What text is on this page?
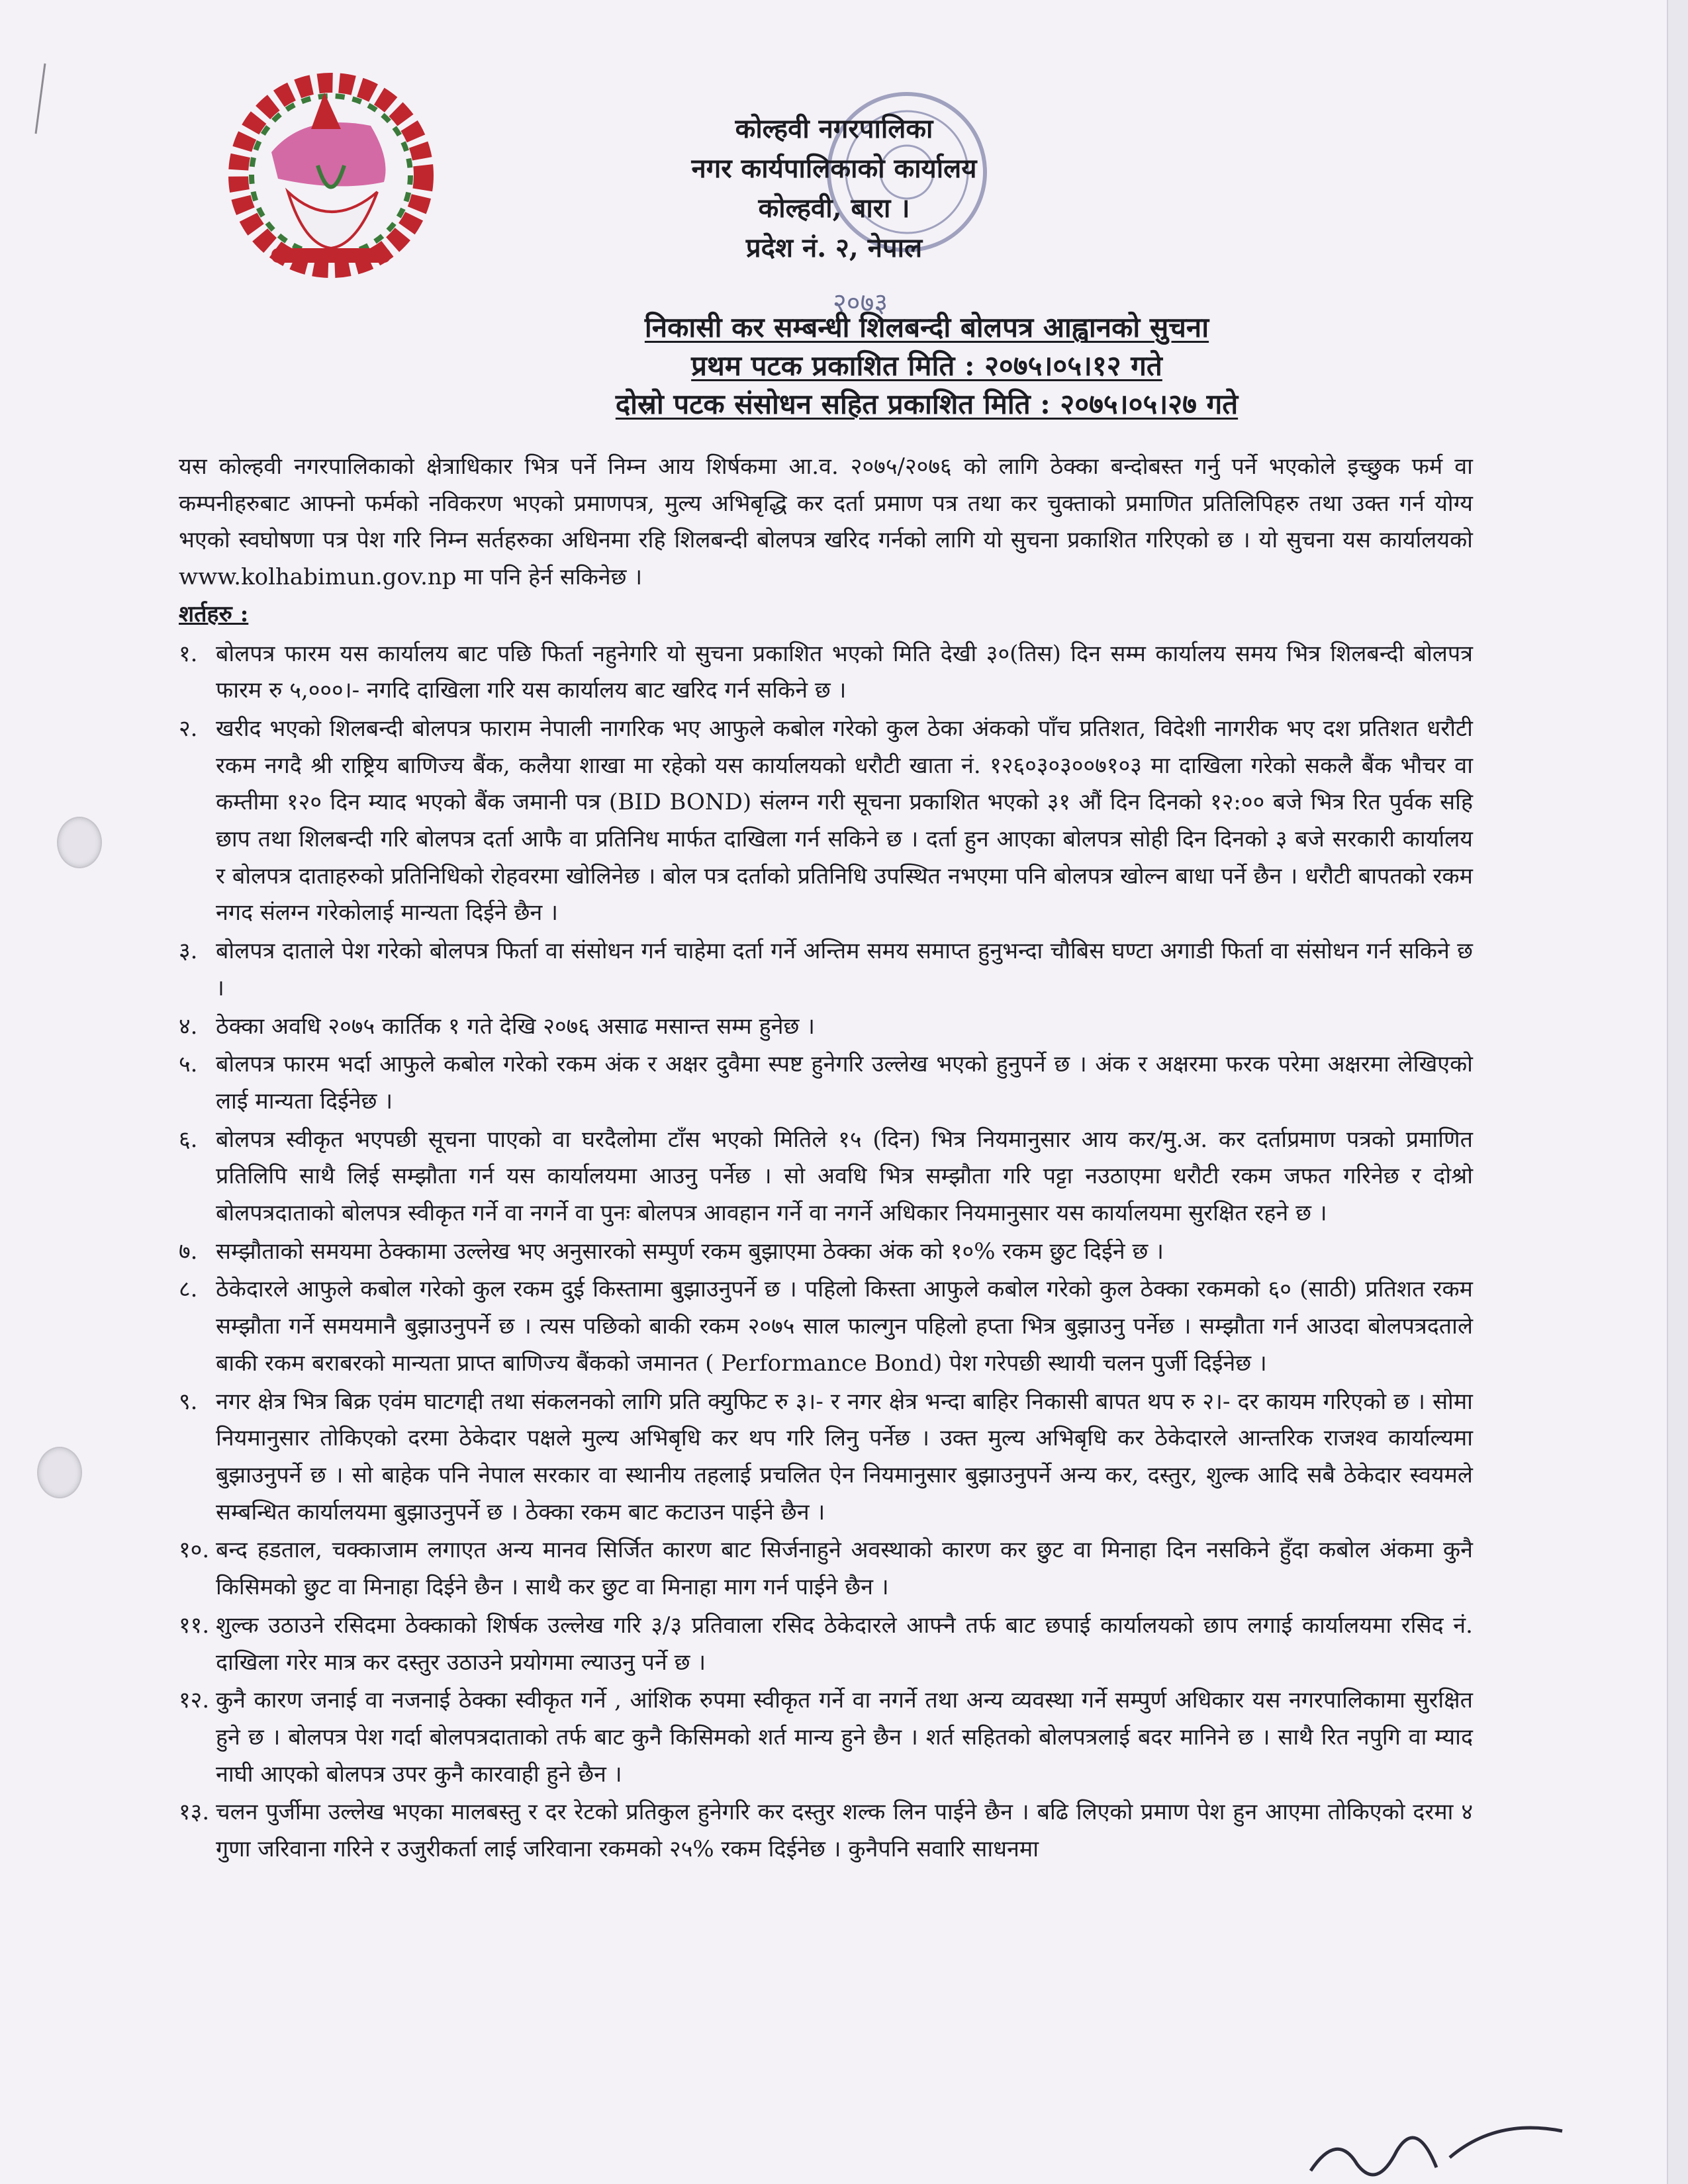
कोल्हवी नगरपालिका
नगर कार्यपालिकाको कार्यालय
कोल्हवी, बारा ।
प्रदेश नं. २, नेपाल
२०७३
निकासी कर सम्बन्धी शिलबन्दी बोलपत्र आह्वानको सुचना
प्रथम पटक प्रकाशित मिति : २०७५।०५।१२ गते
दोस्रो पटक संसोधन सहित प्रकाशित मिति : २०७५।०५।२७ गते

यस कोल्हवी नगरपालिकाको क्षेत्राधिकार भित्र पर्ने निम्न आय शिर्षकमा आ.व. २०७५/२०७६ को लागि ठेक्का बन्दोबस्त गर्नु पर्ने भएकोले इच्छुक फर्म वा कम्पनीहरुबाट आफ्नो फर्मको नविकरण भएको प्रमाणपत्र, मुल्य अभिबृद्धि कर दर्ता प्रमाण पत्र तथा कर चुक्ताको प्रमाणित प्रतिलिपिहरु तथा उक्त गर्न योग्य भएको स्वघोषणा पत्र पेश गरि निम्न सर्तहरुका अधिनमा रहि शिलबन्दी बोलपत्र खरिद गर्नको लागि यो सुचना प्रकाशित गरिएको छ । यो सुचना यस कार्यालयको www.kolhabimun.gov.np मा पनि हेर्न सकिनेछ ।

शर्तहरु :

१. बोलपत्र फारम यस कार्यालय बाट पछि फिर्ता नहुनेगरि यो सुचना प्रकाशित भएको मिति देखी ३०(तिस) दिन सम्म कार्यालय समय भित्र शिलबन्दी बोलपत्र फारम रु ५,०००।- नगदि दाखिला गरि यस कार्यालय बाट खरिद गर्न सकिने छ ।
२. खरीद भएको शिलबन्दी बोलपत्र फाराम नेपाली नागरिक भए आफुले कबोल गरेको कुल ठेका अंकको पाँच प्रतिशत, विदेशी नागरीक भए दश प्रतिशत धरौटी रकम नगदै श्री राष्ट्रिय बाणिज्य बैंक, कलैया शाखा मा रहेको यस कार्यालयको धरौटी खाता नं. १२६०३०३००७१०३ मा दाखिला गरेको सकलै बैंक भौचर वा कम्तीमा १२० दिन म्याद भएको बैंक जमानी पत्र (BID BOND) संलग्न गरी सूचना प्रकाशित भएको ३१ औं दिन दिनको १२:०० बजे भित्र रित पुर्वक सहि छाप तथा शिलबन्दी गरि बोलपत्र दर्ता आफै वा प्रतिनिध मार्फत दाखिला गर्न सकिने छ । दर्ता हुन आएका बोलपत्र सोही दिन दिनको ३ बजे सरकारी कार्यालय र बोलपत्र दाताहरुको प्रतिनिधिको रोहवरमा खोलिनेछ । बोल पत्र दर्ताको प्रतिनिधि उपस्थित नभएमा पनि बोलपत्र खोल्न बाधा पर्ने छैन । धरौटी बापतको रकम नगद संलग्न गरेकोलाई मान्यता दिईने छैन ।
३. बोलपत्र दाताले पेश गरेको बोलपत्र फिर्ता वा संसोधन गर्न चाहेमा दर्ता गर्ने अन्तिम समय समाप्त हुनुभन्दा चौबिस घण्टा अगाडी फिर्ता वा संसोधन गर्न सकिने छ ।
४. ठेक्का अवधि २०७५ कार्तिक १ गते देखि २०७६ असाढ मसान्त सम्म हुनेछ ।
५. बोलपत्र फारम भर्दा आफुले कबोल गरेको रकम अंक र अक्षर दुवैमा स्पष्ट हुनेगरि उल्लेख भएको हुनुपर्ने छ । अंक र अक्षरमा फरक परेमा अक्षरमा लेखिएको लाई मान्यता दिईनेछ ।
६. बोलपत्र स्वीकृत भएपछी सूचना पाएको वा घरदैलोमा टाँस भएको मितिले १५ (दिन) भित्र नियमानुसार आय कर/मु.अ. कर दर्ताप्रमाण पत्रको प्रमाणित प्रतिलिपि साथै लिई सम्झौता गर्न यस कार्यालयमा आउनु पर्नेछ । सो अवधि भित्र सम्झौता गरि पट्टा नउठाएमा धरौटी रकम जफत गरिनेछ र दोश्रो बोलपत्रदाताको बोलपत्र स्वीकृत गर्ने वा नगर्ने वा पुनः बोलपत्र आवहान गर्ने वा नगर्ने अधिकार नियमानुसार यस कार्यालयमा सुरक्षित रहने छ ।
७. सम्झौताको समयमा ठेक्कामा उल्लेख भए अनुसारको सम्पुर्ण रकम बुझाएमा ठेक्का अंक को १०% रकम छुट दिईने छ ।
८. ठेकेदारले आफुले कबोल गरेको कुल रकम दुई किस्तामा बुझाउनुपर्ने छ । पहिलो किस्ता आफुले कबोल गरेको कुल ठेक्का रकमको ६० (साठी) प्रतिशत रकम सम्झौता गर्ने समयमानै बुझाउनुपर्ने छ । त्यस पछिको बाकी रकम २०७५ साल फाल्गुन पहिलो हप्ता भित्र बुझाउनु पर्नेछ । सम्झौता गर्न आउदा बोलपत्रदताले बाकी रकम बराबरको मान्यता प्राप्त बाणिज्य बैंकको जमानत ( Performance Bond) पेश गरेपछी स्थायी चलन पुर्जी दिईनेछ ।
९. नगर क्षेत्र भित्र बिक्र एवंम घाटगद्दी तथा संकलनको लागि प्रति क्युफिट रु ३।- र नगर क्षेत्र भन्दा बाहिर निकासी बापत थप रु २।- दर कायम गरिएको छ । सोमा नियमानुसार तोकिएको दरमा ठेकेदार पक्षले मुल्य अभिबृधि कर थप गरि लिनु पर्नेछ । उक्त मुल्य अभिबृधि कर ठेकेदारले आन्तरिक राजश्व कार्याल्यमा बुझाउनुपर्ने छ । सो बाहेक पनि नेपाल सरकार वा स्थानीय तहलाई प्रचलित ऐन नियमानुसार बुझाउनुपर्ने अन्य कर, दस्तुर, शुल्क आदि सबै ठेकेदार स्वयमले सम्बन्धित कार्यालयमा बुझाउनुपर्ने छ । ठेक्का रकम बाट कटाउन पाईने छैन ।
१०. बन्द हडताल, चक्काजाम लगाएत अन्य मानव सिर्जित कारण बाट सिर्जनाहुने अवस्थाको कारण कर छुट वा मिनाहा दिन नसकिने हुँदा कबोल अंकमा कुनै किसिमको छुट वा मिनाहा दिईने छैन । साथै कर छुट वा मिनाहा माग गर्न पाईने छैन ।
११. शुल्क उठाउने रसिदमा ठेक्काको शिर्षक उल्लेख गरि ३/३ प्रतिवाला रसिद ठेकेदारले आफ्नै तर्फ बाट छपाई कार्यालयको छाप लगाई कार्यालयमा रसिद नं. दाखिला गरेर मात्र कर दस्तुर उठाउने प्रयोगमा ल्याउनु पर्ने छ ।
१२. कुनै कारण जनाई वा नजनाई ठेक्का स्वीकृत गर्ने , आंशिक रुपमा स्वीकृत गर्ने वा नगर्ने तथा अन्य व्यवस्था गर्ने सम्पुर्ण अधिकार यस नगरपालिकामा सुरक्षित हुने छ । बोलपत्र पेश गर्दा बोलपत्रदाताको तर्फ बाट कुनै किसिमको शर्त मान्य हुने छैन । शर्त सहितको बोलपत्रलाई बदर मानिने छ । साथै रित नपुगि वा म्याद नाघी आएको बोलपत्र उपर कुनै कारवाही हुने छैन ।
१३. चलन पुर्जीमा उल्लेख भएका मालबस्तु र दर रेटको प्रतिकुल हुनेगरि कर दस्तुर शल्क लिन पाईने छैन । बढि लिएको प्रमाण पेश हुन आएमा तोकिएको दरमा ४ गुणा जरिवाना गरिने र उजुरीकर्ता लाई जरिवाना रकमको २५% रकम दिईनेछ । कुनैपनि सवारि साधनमा
